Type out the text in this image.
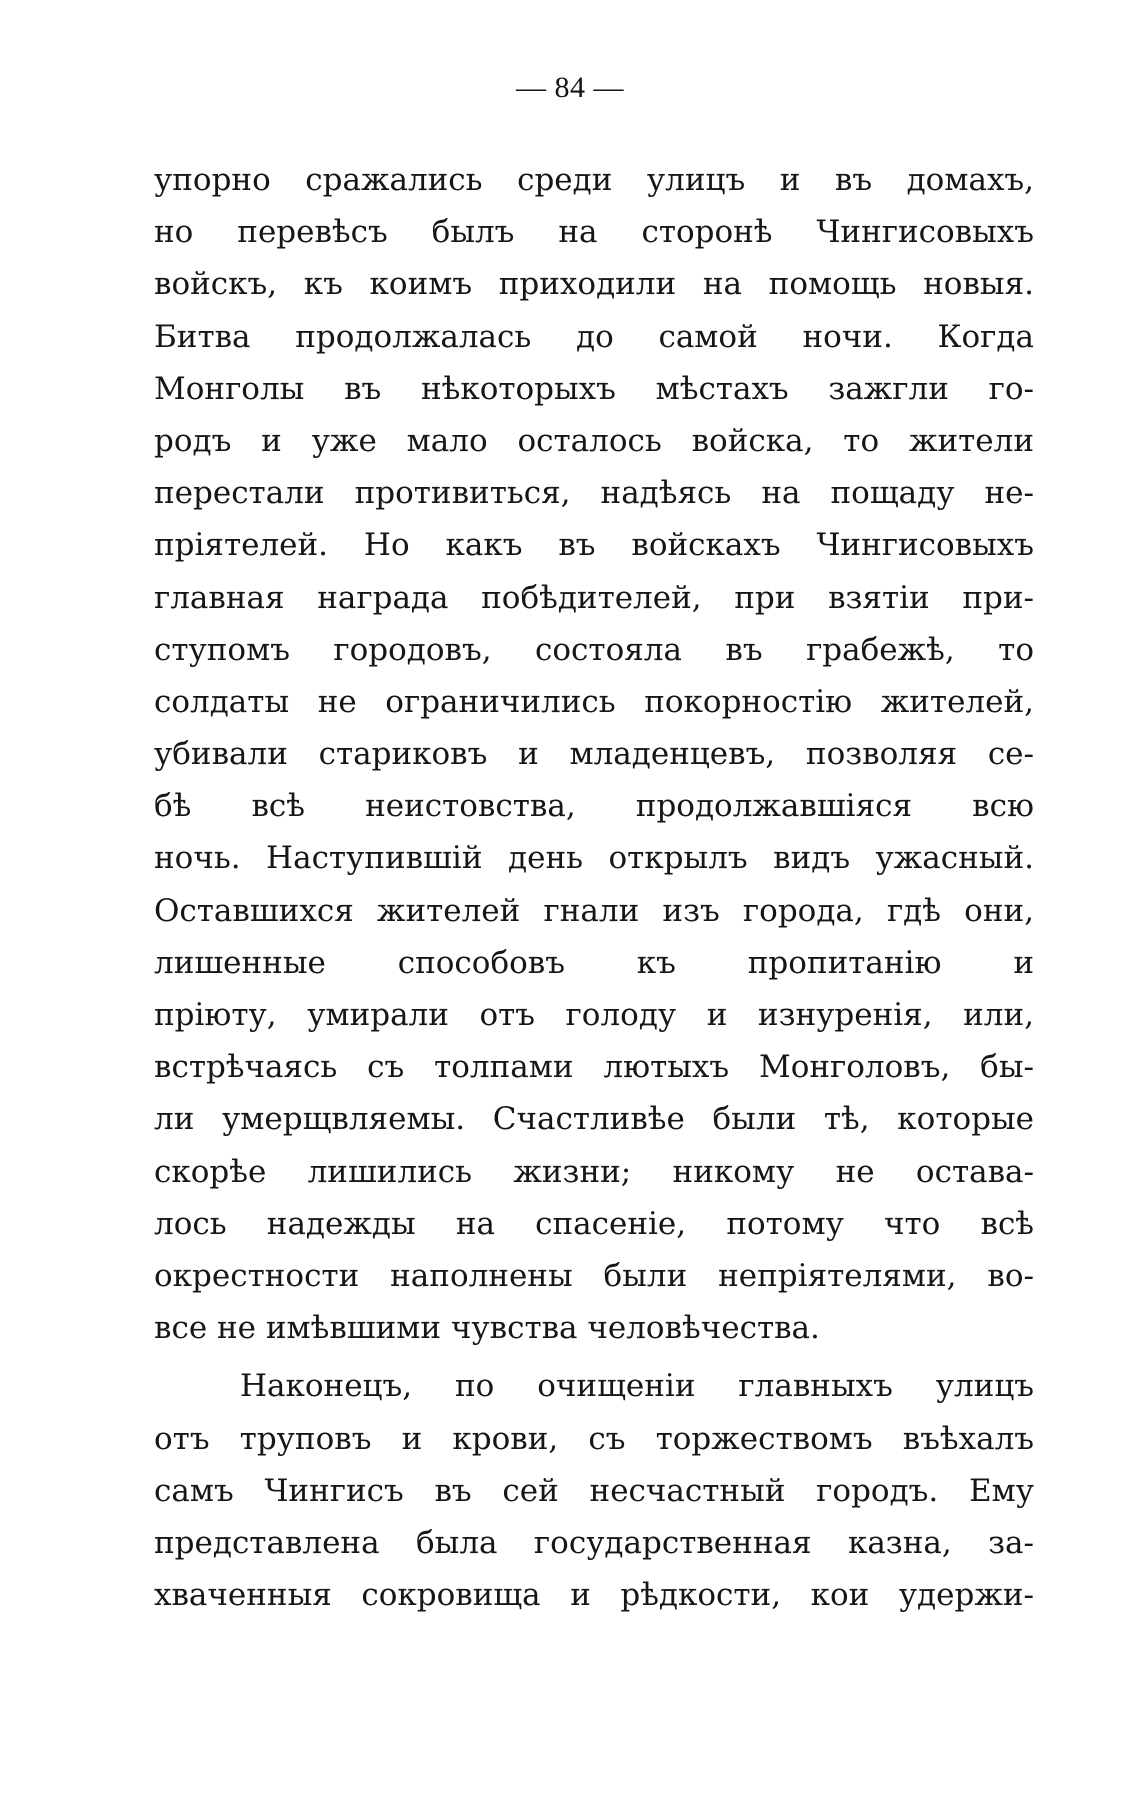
— 84 —
упорно сражались среди улицъ и въ домахъ,
но перевѣсъ былъ на сторонѣ Чингисовыхъ
войскъ, къ коимъ приходили на помощь новыя.
Битва продолжалась до самой ночи. Когда
Монголы въ нѣкоторыхъ мѣстахъ зажгли го-
родъ и уже мало осталось войска, то жители
перестали противиться, надѣясь на пощаду не-
пріятелей. Но какъ въ войскахъ Чингисовыхъ
главная награда побѣдителей, при взятіи при-
ступомъ городовъ, состояла въ грабежѣ, то
солдаты не ограничились покорностію жителей,
убивали стариковъ и младенцевъ, позволяя се-
бѣ всѣ неистовства, продолжавшіяся всю
ночь. Наступившій день открылъ видъ ужасный.
Оставшихся жителей гнали изъ города, гдѣ они,
лишенные способовъ къ пропитанію и
пріюту, умирали отъ голоду и изнуренія, или,
встрѣчаясь съ толпами лютыхъ Монголовъ, бы-
ли умерщвляемы. Счастливѣе были тѣ, которые
скорѣе лишились жизни; никому не остава-
лось надежды на спасеніе, потому что всѣ
окрестности наполнены были непріятелями, во-
все не имѣвшими чувства человѣчества.
Наконецъ, по очищеніи главныхъ улицъ
отъ труповъ и крови, съ торжествомъ въѣхалъ
самъ Чингисъ въ сей несчастный городъ. Ему
представлена была государственная казна, за-
хваченныя сокровища и рѣдкости, кои удержи-
